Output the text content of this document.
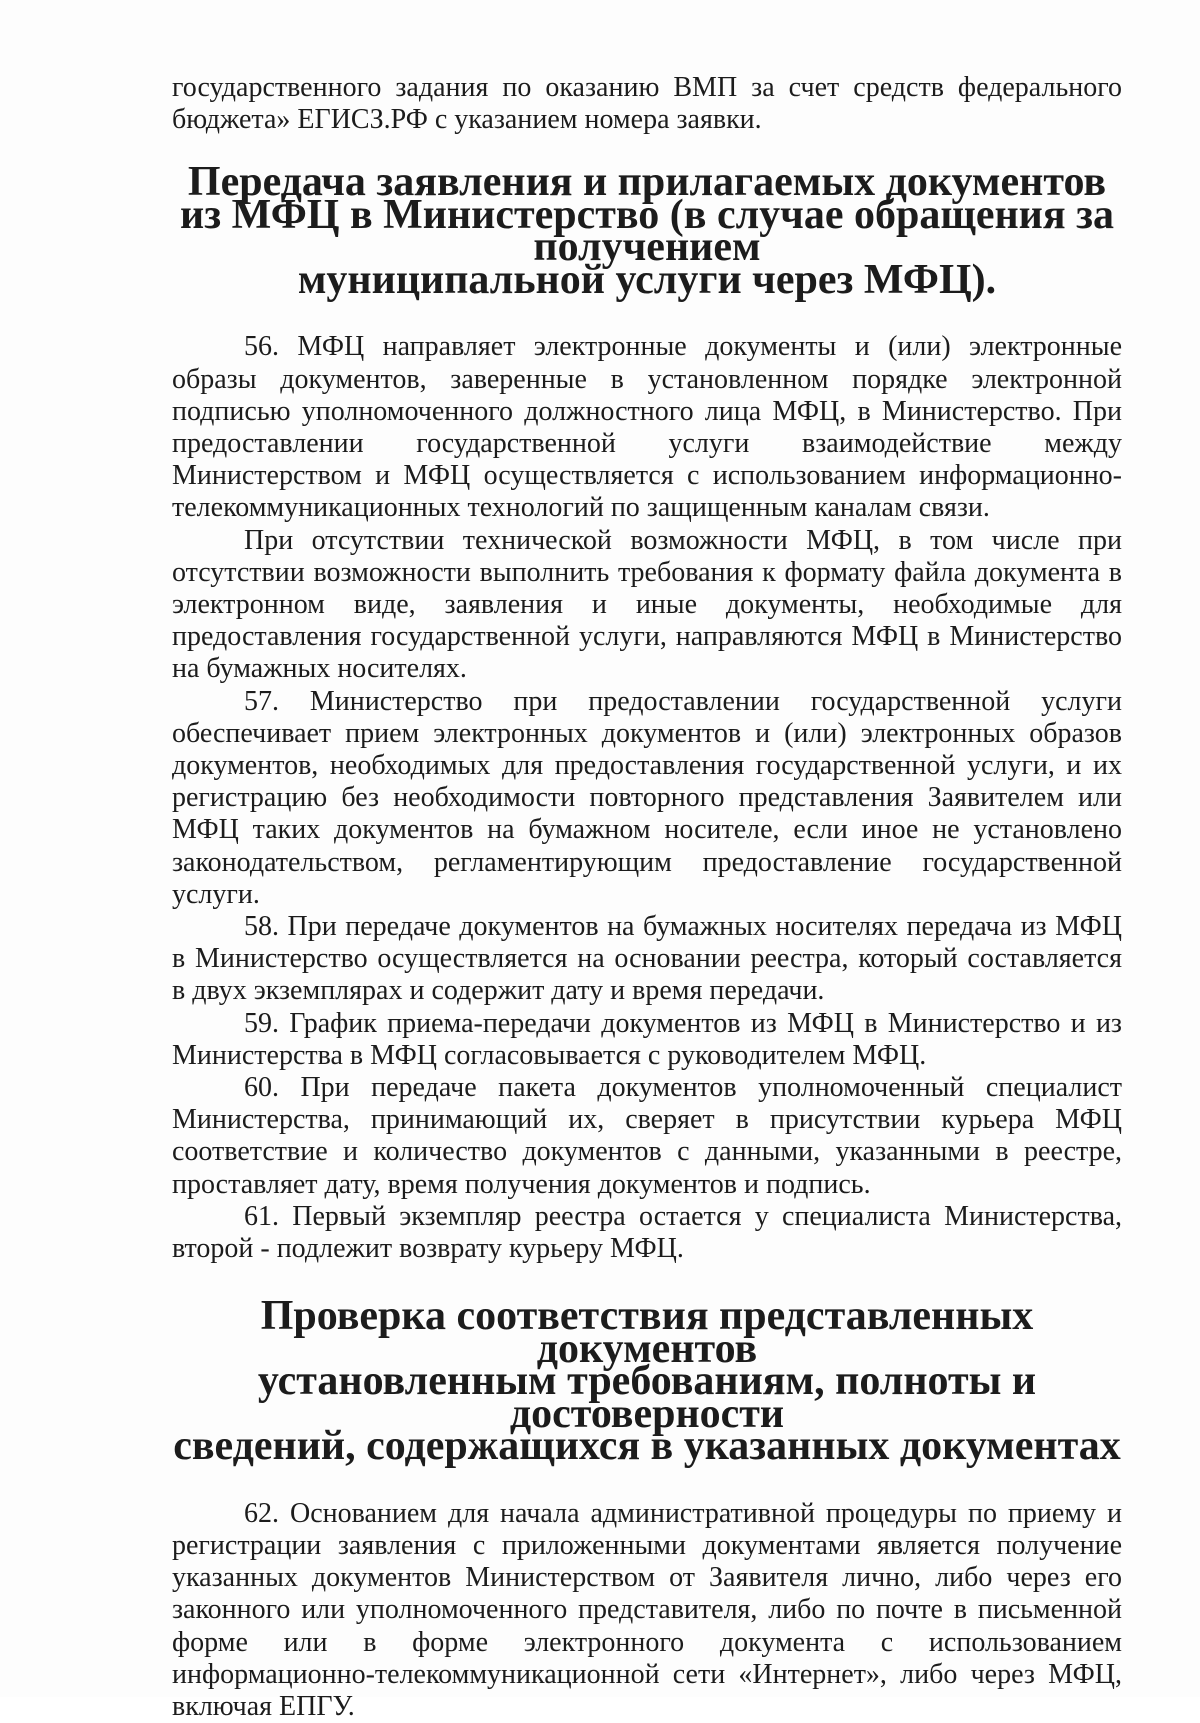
государственного задания по оказанию ВМП за счет средств федерального бюджета» ЕГИСЗ.РФ с указанием номера заявки.

Передача заявления и прилагаемых документов
из МФЦ в Министерство (в случае обращения за получением
муниципальной услуги через МФЦ).

56. МФЦ направляет электронные документы и (или) электронные образы документов, заверенные в установленном порядке электронной подписью уполномоченного должностного лица МФЦ, в Министерство. При предоставлении государственной услуги взаимодействие между Министерством и МФЦ осуществляется с использованием информационно-телекоммуникационных технологий по защищенным каналам связи.

При отсутствии технической возможности МФЦ, в том числе при отсутствии возможности выполнить требования к формату файла документа в электронном виде, заявления и иные документы, необходимые для предоставления государственной услуги, направляются МФЦ в Министерство на бумажных носителях.

57. Министерство при предоставлении государственной услуги обеспечивает прием электронных документов и (или) электронных образов документов, необходимых для предоставления государственной услуги, и их регистрацию без необходимости повторного представления Заявителем или МФЦ таких документов на бумажном носителе, если иное не установлено законодательством, регламентирующим предоставление государственной услуги.

58. При передаче документов на бумажных носителях передача из МФЦ в Министерство осуществляется на основании реестра, который составляется в двух экземплярах и содержит дату и время передачи.

59. График приема-передачи документов из МФЦ в Министерство и из Министерства в МФЦ согласовывается с руководителем МФЦ.

60. При передаче пакета документов уполномоченный специалист Министерства, принимающий их, сверяет в присутствии курьера МФЦ соответствие и количество документов с данными, указанными в реестре, проставляет дату, время получения документов и подпись.

61. Первый экземпляр реестра остается у специалиста Министерства, второй - подлежит возврату курьеру МФЦ.

Проверка соответствия представленных документов
установленным требованиям, полноты и достоверности
сведений, содержащихся в указанных документах

62. Основанием для начала административной процедуры по приему и регистрации заявления с приложенными документами является получение указанных документов Министерством от Заявителя лично, либо через его законного или уполномоченного представителя, либо по почте в письменной форме или в форме электронного документа с использованием информационно-телекоммуникационной сети «Интернет», либо через МФЦ, включая ЕПГУ.
